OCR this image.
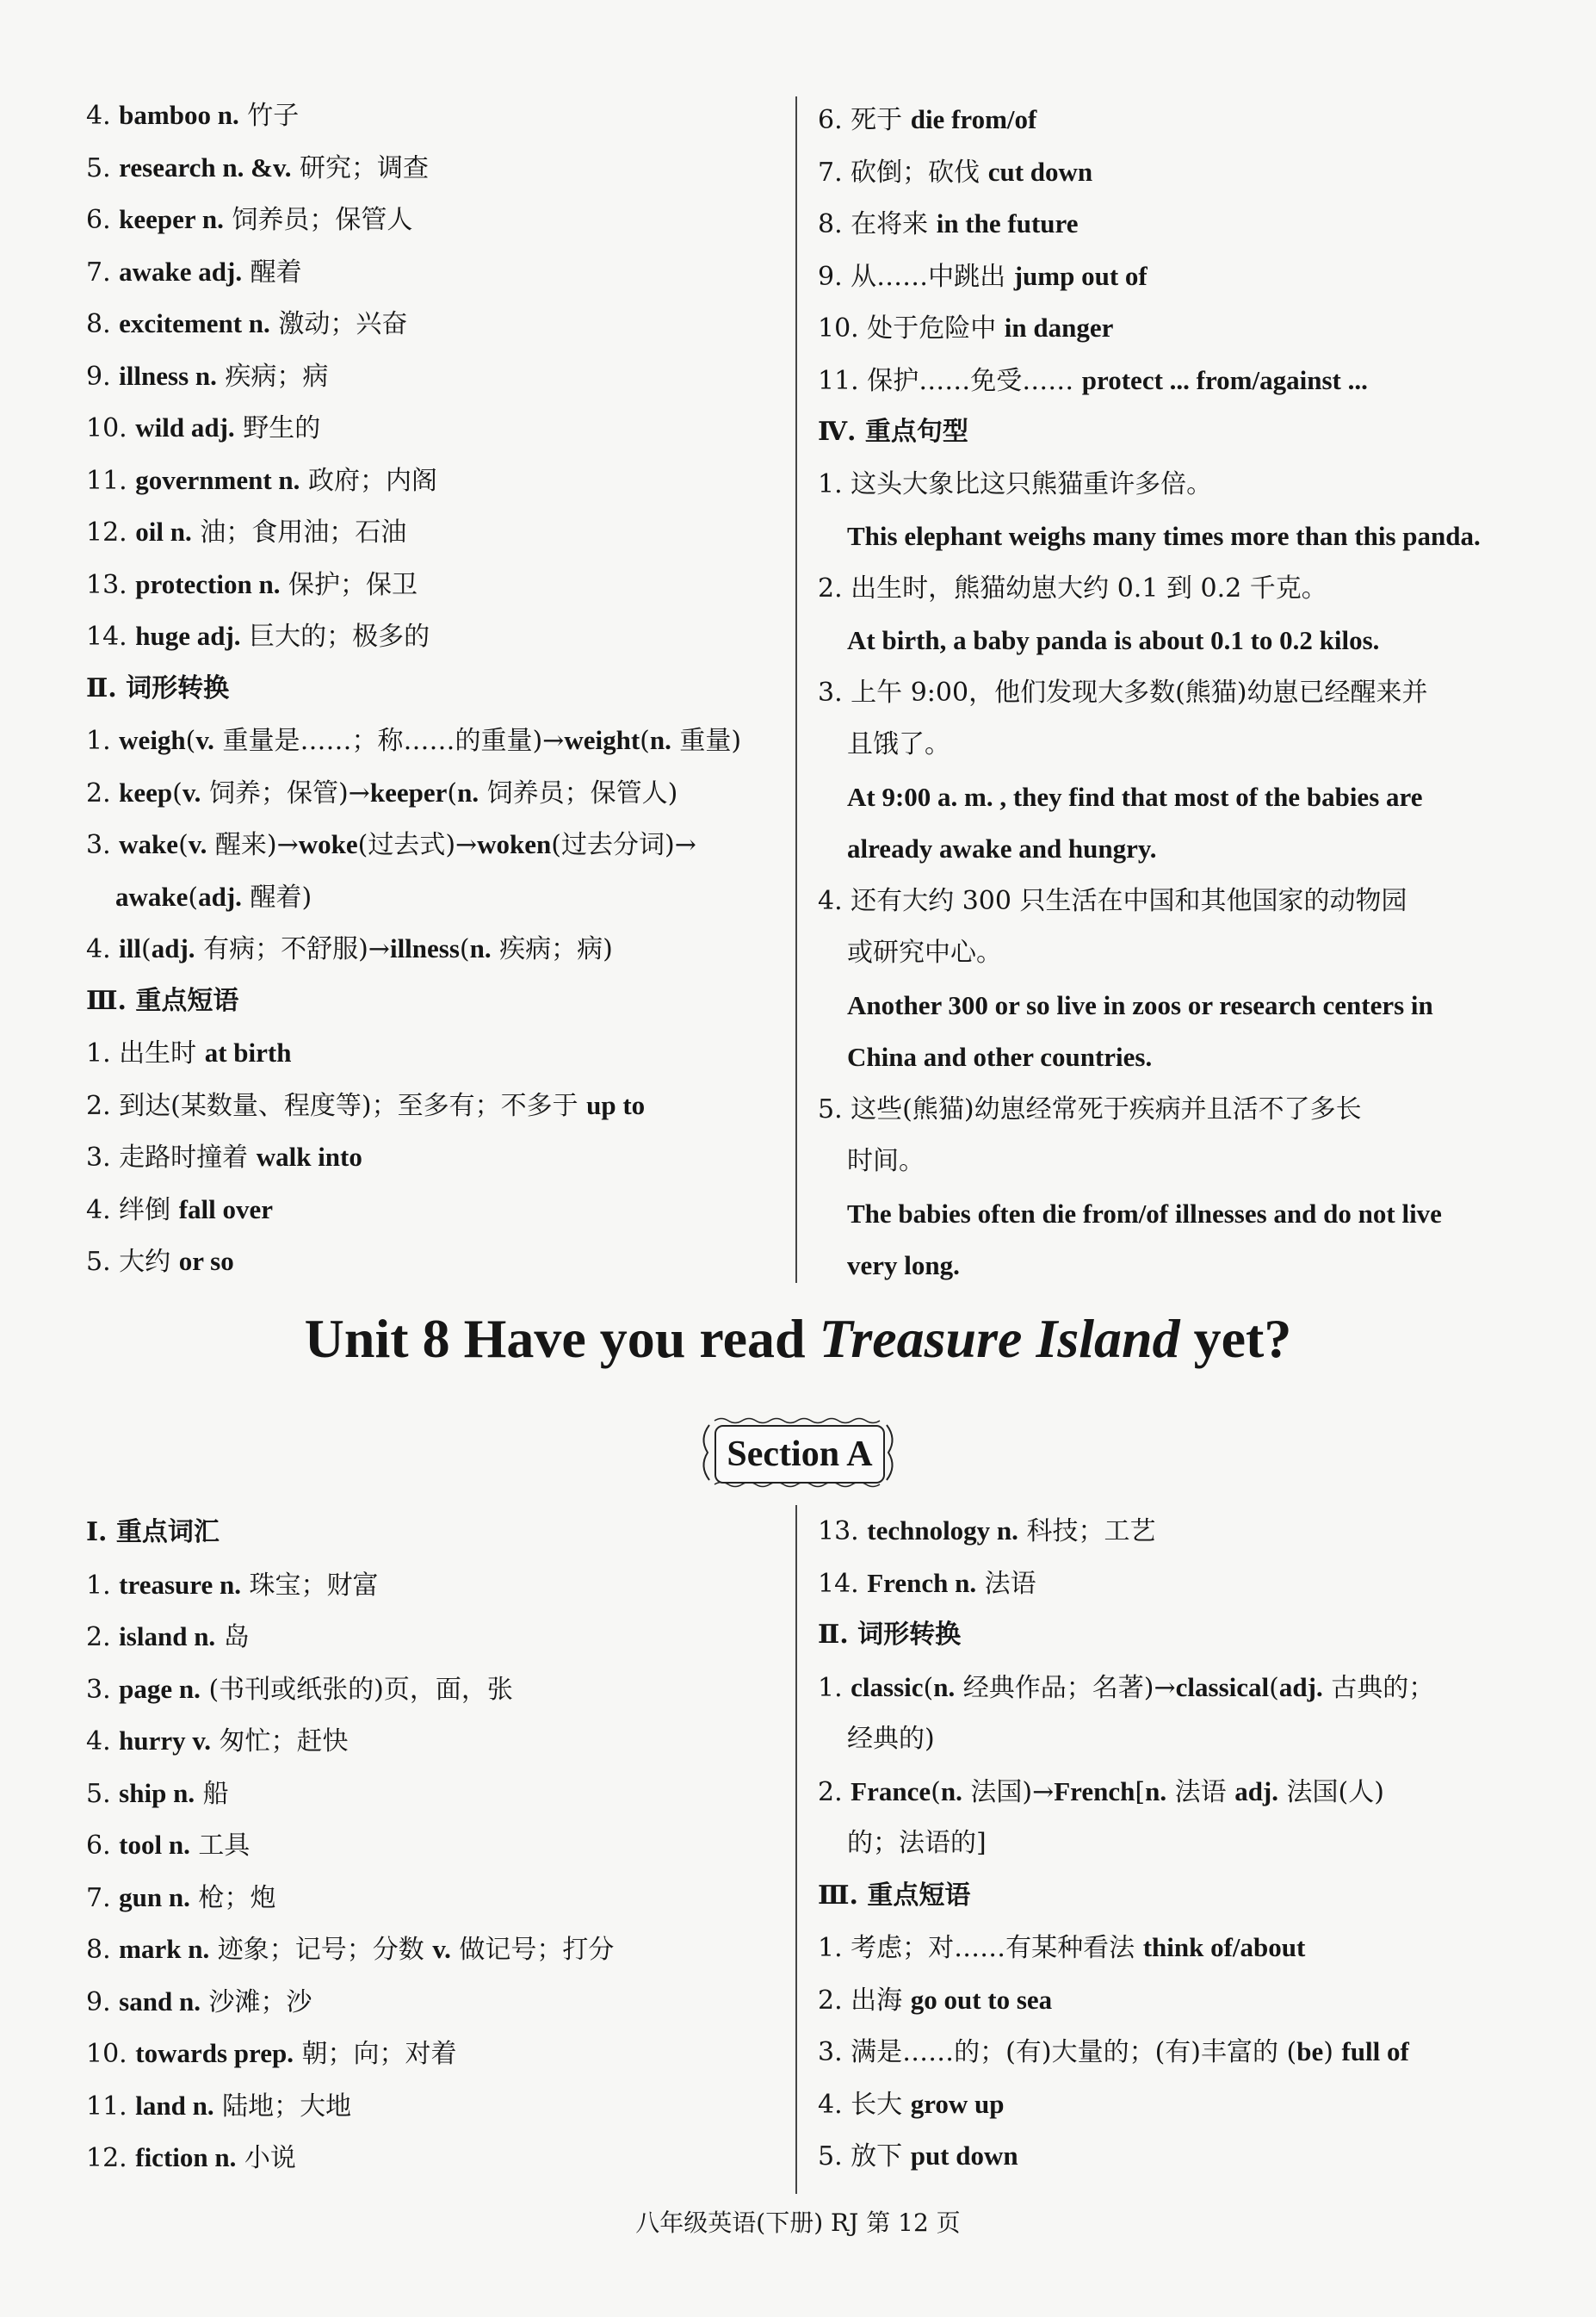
4. bamboo n. 竹子
5. research n. &v. 研究；调查
6. keeper n. 饲养员；保管人
7. awake adj. 醒着
8. excitement n. 激动；兴奋
9. illness n. 疾病；病
10. wild adj. 野生的
11. government n. 政府；内阁
12. oil n. 油；食用油；石油
13. protection n. 保护；保卫
14. huge adj. 巨大的；极多的
Ⅱ. 词形转换
1. weigh(v. 重量是……；称……的重量)→weight(n. 重量)
2. keep(v. 饲养；保管)→keeper(n. 饲养员；保管人)
3. wake(v. 醒来)→woke(过去式)→woken(过去分词)→
awake(adj. 醒着)
4. ill(adj. 有病；不舒服)→illness(n. 疾病；病)
Ⅲ. 重点短语
1. 出生时 at birth
2. 到达(某数量、程度等)；至多有；不多于 up to
3. 走路时撞着 walk into
4. 绊倒 fall over
5. 大约 or so
6. 死于 die from/of
7. 砍倒；砍伐 cut down
8. 在将来 in the future
9. 从……中跳出 jump out of
10. 处于危险中 in danger
11. 保护……免受…… protect ... from/against ...
Ⅳ. 重点句型
1. 这头大象比这只熊猫重许多倍。
This elephant weighs many times more than this panda.
2. 出生时，熊猫幼崽大约 0.1 到 0.2 千克。
At birth, a baby panda is about 0.1 to 0.2 kilos.
3. 上午 9:00，他们发现大多数(熊猫)幼崽已经醒来并
且饿了。
At 9:00 a. m. , they find that most of the babies are
already awake and hungry.
4. 还有大约 300 只生活在中国和其他国家的动物园
或研究中心。
Another 300 or so live in zoos or research centers in
China and other countries.
5. 这些(熊猫)幼崽经常死于疾病并且活不了多长
时间。
The babies often die from/of illnesses and do not live
very long.
Unit 8 Have you read Treasure Island yet?
Section A
Ⅰ. 重点词汇
1. treasure n. 珠宝；财富
2. island n. 岛
3. page n. (书刊或纸张的)页，面，张
4. hurry v. 匆忙；赶快
5. ship n. 船
6. tool n. 工具
7. gun n. 枪；炮
8. mark n. 迹象；记号；分数 v. 做记号；打分
9. sand n. 沙滩；沙
10. towards prep. 朝；向；对着
11. land n. 陆地；大地
12. fiction n. 小说
13. technology n. 科技；工艺
14. French n. 法语
Ⅱ. 词形转换
1. classic(n. 经典作品；名著)→classical(adj. 古典的；
经典的)
2. France(n. 法国)→French[n. 法语 adj. 法国(人)
的；法语的]
Ⅲ. 重点短语
1. 考虑；对……有某种看法 think of/about
2. 出海 go out to sea
3. 满是……的；(有)大量的；(有)丰富的 (be) full of
4. 长大 grow up
5. 放下 put down
八年级英语(下册) RJ 第 12 页
